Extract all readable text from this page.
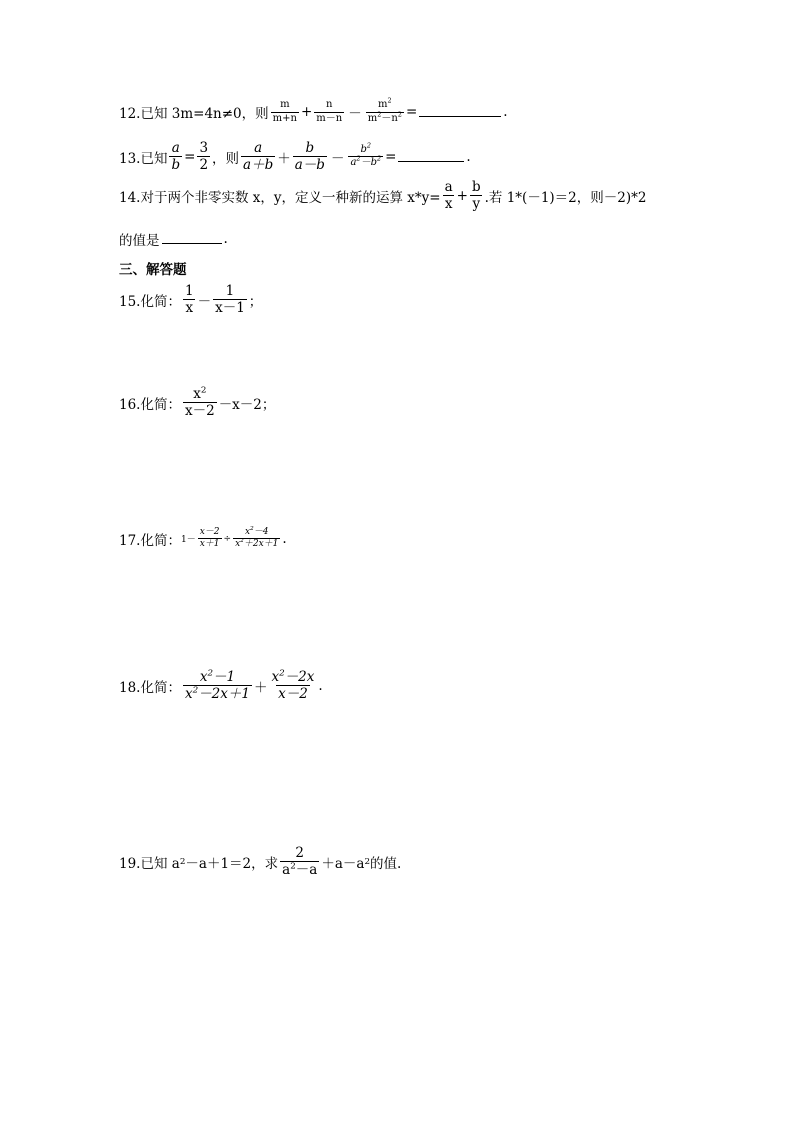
12.已知 3m=4n≠0，则 $\frac{m}{m+n} + \frac{n}{m-n} - \frac{m^2}{m^2-n^2}$ =	.
13.已知 $\frac{a}{b} = \frac{3}{2}$ ，则 $\frac{a}{a+b} + \frac{b}{a-b} - \frac{b^2}{a^2-b^2}$ =	.
14.对于两个非零实数 x，y，定义一种新的运算 $x*y= \frac{a}{x} + \frac{b}{y}$ .若 1*(－1)＝2，则－2)*2
的值是	.
三、解答题
15.化简： $\frac{1}{x} - \frac{1}{x-1}$ ；
16.化简： $\frac{x^2}{x-2} -x-2$；
17.化简： $1- \frac{x-2}{x+1} \div \frac{x^2-4}{x^2+2x+1}$ .
18.化简： $\frac{x^2-1}{x^2-2x+1} + \frac{x^2-2x}{x-2}$ .
19.已知 a 2 －a＋1＝2，求 $\frac{2}{a^2-a} +a-a$ 2 的值.
